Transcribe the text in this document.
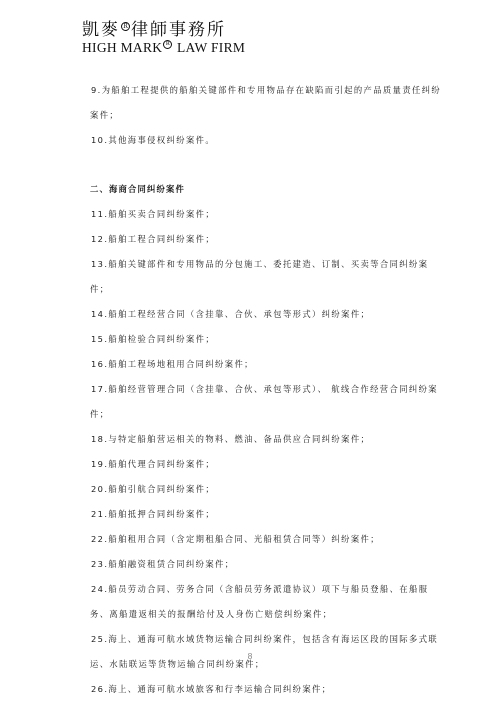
凱麥 R 律師事務所
HIGH MARK R LAW FIRM

9.为船舶工程提供的船舶关键部件和专用物品存在缺陷而引起的产品质量责任纠纷案件；

10.其他海事侵权纠纷案件。

二、海商合同纠纷案件

11.船舶买卖合同纠纷案件；

12.船舶工程合同纠纷案件；

13.船舶关键部件和专用物品的分包施工、委托建造、订制、买卖等合同纠纷案件；

14.船舶工程经营合同（含挂靠、合伙、承包等形式）纠纷案件；

15.船舶检验合同纠纷案件；

16.船舶工程场地租用合同纠纷案件；

17.船舶经营管理合同（含挂靠、合伙、承包等形式）、 航线合作经营合同纠纷案件；

18.与特定船舶营运相关的物料、燃油、备品供应合同纠纷案件；

19.船舶代理合同纠纷案件；

20.船舶引航合同纠纷案件；

21.船舶抵押合同纠纷案件；

22.船舶租用合同（含定期租船合同、光船租赁合同等）纠纷案件；

23.船舶融资租赁合同纠纷案件；

24.船员劳动合同、劳务合同（含船员劳务派遣协议）项下与船员登船、在船服务、离船遣返相关的报酬给付及人身伤亡赔偿纠纷案件；

25.海上、通海可航水域货物运输合同纠纷案件，包括含有海运区段的国际多式联运、水陆联运等货物运输合同纠纷案件；

26.海上、通海可航水域旅客和行李运输合同纠纷案件；

8
